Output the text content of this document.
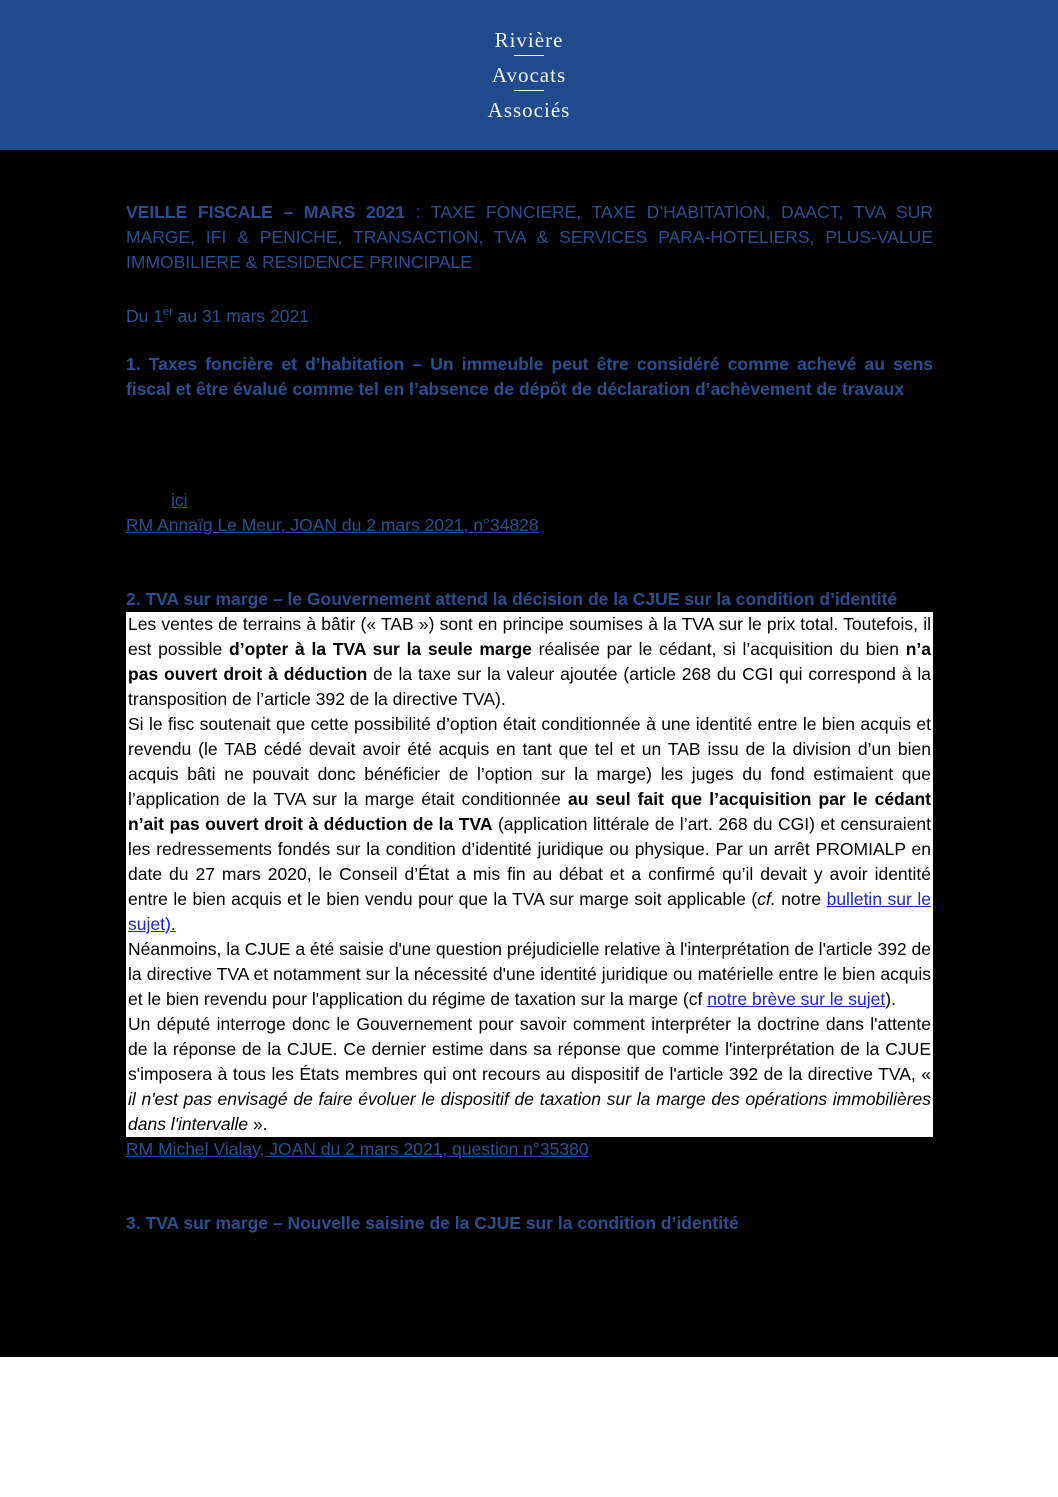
Rivière
Avocats
Associés

VEILLE FISCALE – MARS 2021 : TAXE FONCIERE, TAXE D’HABITATION, DAACT, TVA SUR MARGE, IFI & PENICHE, TRANSACTION, TVA & SERVICES PARA-HOTELIERS, PLUS-VALUE IMMOBILIERE & RESIDENCE PRINCIPALE

Du 1er au 31 mars 2021

1. Taxes foncière et d’habitation – Un immeuble peut être considéré comme achevé au sens fiscal et être évalué comme tel en l’absence de dépôt de déclaration d’achèvement de travaux

ici
RM Annaïg Le Meur, JOAN du 2 mars 2021, n°34828

2. TVA sur marge – le Gouvernement attend la décision de la CJUE sur la condition d’identité

Les ventes de terrains à bâtir (« TAB ») sont en principe soumises à la TVA sur le prix total. Toutefois, il est possible d’opter à la TVA sur la seule marge réalisée par le cédant, si l’acquisition du bien n’a pas ouvert droit à déduction de la taxe sur la valeur ajoutée (article 268 du CGI qui correspond à la transposition de l’article 392 de la directive TVA).

Si le fisc soutenait que cette possibilité d’option était conditionnée à une identité entre le bien acquis et revendu (le TAB cédé devait avoir été acquis en tant que tel et un TAB issu de la division d’un bien acquis bâti ne pouvait donc bénéficier de l’option sur la marge) les juges du fond estimaient que l’application de la TVA sur la marge était conditionnée au seul fait que l’acquisition par le cédant n’ait pas ouvert droit à déduction de la TVA (application littérale de l’art. 268 du CGI) et censuraient les redressements fondés sur la condition d’identité juridique ou physique. Par un arrêt PROMIALP en date du 27 mars 2020, le Conseil d’État a mis fin au débat et a confirmé qu’il devait y avoir identité entre le bien acquis et le bien vendu pour que la TVA sur marge soit applicable (cf. notre bulletin sur le sujet).

Néanmoins, la CJUE a été saisie d'une question préjudicielle relative à l'interprétation de l'article 392 de la directive TVA et notamment sur la nécessité d'une identité juridique ou matérielle entre le bien acquis et le bien revendu pour l'application du régime de taxation sur la marge (cf notre brève sur le sujet).

Un député interroge donc le Gouvernement pour savoir comment interpréter la doctrine dans l'attente de la réponse de la CJUE. Ce dernier estime dans sa réponse que comme l'interprétation de la CJUE s'imposera à tous les États membres qui ont recours au dispositif de l'article 392 de la directive TVA, « il n'est pas envisagé de faire évoluer le dispositif de taxation sur la marge des opérations immobilières dans l'intervalle ».

RM Michel Vialay, JOAN du 2 mars 2021, question n°35380

3. TVA sur marge – Nouvelle saisine de la CJUE sur la condition d’identité
